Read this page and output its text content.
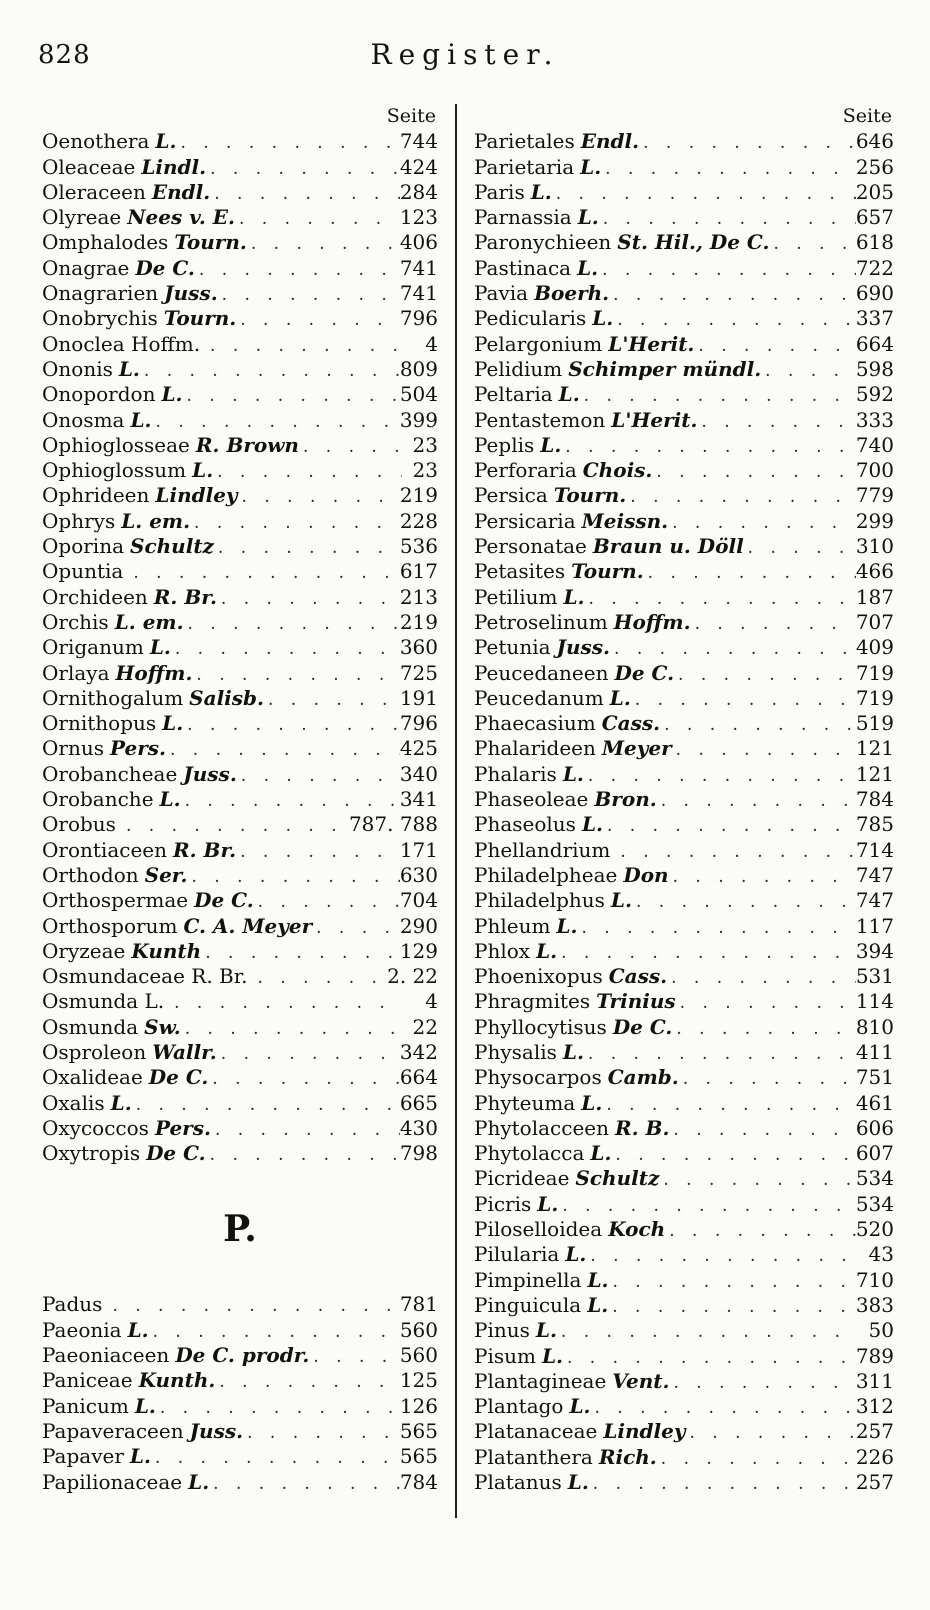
828	Register.
Seite
Oenothera L. . . .	744
Oleaceae Lindl. . . .	424
Oleraceen Endl. . . .	284
Olyreae Nees v. E. . . .	123
Omphalodes Tourn. . . .	406
Onagrae De C. . . .	741
Onagrarien Juss. . . .	741
Onobrychis Tourn. . . .	796
Onoclea Hoffm. . . .	4
Ononis L. . . .	809
Onopordon L. . . .	504
Onosma L. . . .	399
Ophioglosseae R. Brown . . .	23
Ophioglossum L. . . .	23
Ophrideen Lindley . . .	219
Ophrys L. em. . . .	228
Oporina Schultz . . .	536
Opuntia . . .	617
Orchideen R. Br. . . .	213
Orchis L. em. . . .	219
Origanum L. . . .	360
Orlaya Hoffm. . . .	725
Ornithogalum Salisb. . . .	191
Ornithopus L. . . .	796
Ornus Pers. . . .	425
Orobancheae Juss. . . .	340
Orobanche L. . . .	341
Orobus . . .	787. 788
Orontiaceen R. Br. . . .	171
Orthodon Ser. . . .	630
Orthospermae De C. . . .	704
Orthosporum C. A. Meyer . . .	290
Oryzeae Kunth . . .	129
Osmundaceae R. Br. . . .	2. 22
Osmunda L. . . .	4
Osmunda Sw. . . .	22
Osproleon Wallr. . . .	342
Oxalideae De C. . . .	664
Oxalis L. . . .	665
Oxycoccos Pers. . . .	430
Oxytropis De C. . . .	798
P.
Padus . . .	781
Paeonia L. . . .	560
Paeoniaceen De C. prodr. . . .	560
Paniceae Kunth. . . .	125
Panicum L. . . .	126
Papaveraceen Juss. . . .	565
Papaver L. . . .	565
Papilionaceae L. . . .	784
Seite
Parietales Endl. . . .	646
Parietaria L. . . .	256
Paris L. . . .	205
Parnassia L. . . .	657
Paronychieen St. Hil., De C. . . .	618
Pastinaca L. . . .	722
Pavia Boerh. . . .	690
Pedicularis L. . . .	337
Pelargonium L'Herit. . . .	664
Pelidium Schimper mündl. . . .	598
Peltaria L. . . .	592
Pentastemon L'Herit. . . .	333
Peplis L. . . .	740
Perforaria Chois. . . .	700
Persica Tourn. . . .	779
Persicaria Meissn. . . .	299
Personatae Braun u. Döll . . .	310
Petasites Tourn. . . .	466
Petilium L. . . .	187
Petroselinum Hoffm. . . .	707
Petunia Juss. . . .	409
Peucedaneen De C. . . .	719
Peucedanum L. . . .	719
Phaecasium Cass. . . .	519
Phalarideen Meyer . . .	121
Phalaris L. . . .	121
Phaseoleae Bron. . . .	784
Phaseolus L. . . .	785
Phellandrium . . .	714
Philadelpheae Don . . .	747
Philadelphus L. . . .	747
Phleum L. . . .	117
Phlox L. . . .	394
Phoenixopus Cass. . . .	531
Phragmites Trinius . . .	114
Phyllocytisus De C. . . .	810
Physalis L. . . .	411
Physocarpos Camb. . . .	751
Phyteuma L. . . .	461
Phytolacceen R. B. . . .	606
Phytolacca L. . . .	607
Picrideae Schultz . . .	534
Picris L. . . .	534
Piloselloidea Koch . . .	520
Pilularia L. . . .	43
Pimpinella L. . . .	710
Pinguicula L. . . .	383
Pinus L. . . .	50
Pisum L. . . .	789
Plantagineae Vent. . . .	311
Plantago L. . . .	312
Platanaceae Lindley . . .	257
Platanthera Rich. . . .	226
Platanus L. . . .	257
